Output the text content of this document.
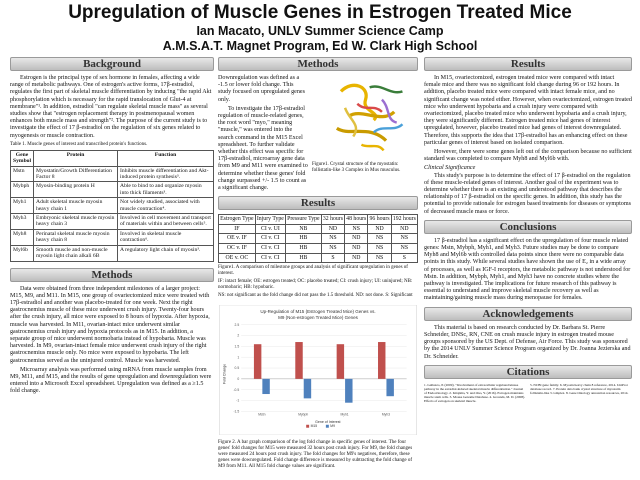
Upregulation of Muscle Genes in Estrogen Treated Mice
Ian Macato, UNLV Summer Science Camp
A.M.S.A.T. Magnet Program, Ed W. Clark High School
Background

Estrogen is the principal type of sex hormone in females, affecting a wide range of metabolic pathways. One of estrogen's active forms, 17β-estradiol, regulates the first part of skeletal muscle differentiation by inducing "the rapid Akt phosphorylation which is necessary for the rapid translocation of Glut-4 at membrane"¹. In addition, estradiol "can regulate skeletal muscle mass" as several studies show that "estrogen replacement therapy in postmenopausal women enhances both muscle mass and strength"². The purpose of the current study is to investigate the effect of 17 β-estradiol on the regulation of six genes related to myogenesis or muscle contraction.

Table 1. Muscle genes of interest and transcribed protein's functions.
Gene Symbol	Protein	Function
Mstn	Myostatin/Growth Differentiation Factor 8	Inhibits muscle differentiation and Akt-induced protein synthesis³.
Mybph	Myosin-binding protein H	Able to bind to and organize myosin into thick filaments³.
Myh1	Adult skeletal muscle myosin heavy chain 1	Not widely studied, associated with muscle contraction⁴.
Myh3	Embryonic skeletal muscle myosin heavy chain 3	Involved in cell movement and transport of materials within and between cells⁵.
Myh8	Perinatal skeletal muscle myosin heavy chain 8	Involved in skeletal muscle contraction⁶.
Myl6b	Smooth muscle and non-muscle myosin light chain alkali 6B	A regulatory light chain of myosin³.
Methods

Data were obtained from three independent milestones of a larger project: M15, M9, and M11. In M15, one group of ovariectomized mice were treated with 17β-estradiol and another was placebo-treated for one week. Next the right gastrocnemius muscle of these mice underwent crush injury. Twenty-four hours after the crush injury, all mice were exposed to 8 hours of hypoxia. After hypoxia, muscle was harvested. In M11, ovarian-intact mice underwent similar gastrocnemius crush injury and hypoxia protocols as in M15. In addition, a separate group of mice underwent normobaria instead of hypobaria. Muscle was harvested. In M9, ovarian-intact female mice underwent crush injury of the right gastrocnemius muscle only. No mice were exposed to hypobaria. The left gastrocnemius served as the uninjured control. Muscle was harvested.

Microarray analysis was performed using mRNA from muscle samples from M9, M11, and M15, and the results of gene upregulation and downregulation were entered into a Microsoft Excel spreadsheet. Upregulation was defined as a ≥1.5 fold change.

Methods

Downregulation was defined as a -1.5 or lower fold change. This study focused on upregulated genes only.

To investigate the 17β-estradiol regulation of muscle-related genes, the root word "myo," meaning "muscle," was entered into the search command in the M15 Excel spreadsheet. To further validate whether this effect was specific for 17β-estradiol, microarray gene data from M9 and M11 were examined to determine whether these genes' fold change surpassed +/- 1.5 to count as a significant change.

Figure1. Crystal structure of the myostatin: follistatin-like 3 Complex in Mus musculus.
Results
Estrogen Type	Injury Type	Pressure Type	32 hours	48 hours	96 hours	192 hours
IF	CI v. UI	NB	ND	NS	ND	ND
OE v. IF	CI v. CI	HB	NS	ND	NS	NS
OC v. IF	CI v. CI	HB	NS	ND	NS	NS
OE v. OC	CI v. CI	HB	S	ND	NS	S
Figure1. A comparison of milestone groups and analysis of significant upregulation in genes of interest.
IF: intact female; OE: estrogen treated; OC: placebo treated; CI: crush injury; UI: uninjured; NB: normobaric; HB: hypobaric.
NS: not significant as the fold change did not pass the 1.5 threshold. ND: not done. S: Significant
Up-Regulation of M15 (Estrogen Treated Mice) Genes vs.
M9 (Non-estrogen Treated Mice) Genes
Fold Change
Gene of Interest
-1.5
-1
-0.5
0
0.5
1
1.5
2
2.5
Mstn	Mybph	Myh1	Myh3
M15	M9
Figure 2. A bar graph comparison of the log fold change in specific genes of interest. The four genes' fold changes for M15 were measured 32 hours post crush injury. For M9, the fold changes were measured 24 hours post crush injury. The fold changes for M9's negatives, therefore, these genes were downregulated. Fold change difference is measured by subtracting the fold change of M9 from M11. All M15 fold change values are significant.
Results

In M15, ovariectomized, estrogen treated mice were compared with intact female mice and there was no significant fold change during 96 or 192 hours. In addition, placebo treated mice were compared with intact female mice, and no significant change was noted either. However, when ovariectomized, estrogen treated mice who underwent hypobaria and a crush injury were compared with ovariectomized, placebo treated mice who underwent hypobaria and a crush injury, they were significantly different. Estrogen treated mice had genes of interest upregulated, however, placebo treated mice had genes of interest downregulated. Therefore, this supports the idea that 17β-estradiol has an enhancing effect on these particular genes of interest based on isolated comparison.

However, there were some genes left out of the comparison because no sufficient standard was completed to compare Myh8 and Myl6b with.

Clinical Significance

This study's purpose is to determine the effect of 17 β-estradiol on the regulation of these muscle-related genes of interest. Another goal of the experiment was to determine whether there is an existing and understood pathway that describes the relationship of 17 β-estradiol on the specific genes. In addition, this study has the potential to provide rationale for estrogen based treatments for diseases or symptoms of decreased muscle mass or force.

Conclusions

17 β-estradiol has a significant effect on the upregulation of four muscle related genes: Mstn, Mybph, Myh1, and Myh3. Future studies may be done to compare Myh8 and Myl6b with controlled data points since there were no comparable data points in this study. While several studies have shown the use of E₂ in a wide array of processes, as well as IGF-I receptors, the metabolic pathway is not understood for Mstn. In addition, Mybph, Myh1, and Myh3 have no concrete studies where the pathway is investigated. The implications for future research of this pathway is essential to understand and improve skeletal muscle recovery as well as maintaining/gaining muscle mass during menopause for females.

Acknowledgements

This material is based on research conducted by Dr. Barbara St. Pierre Schneider, DNSc, RN, CNE on crush muscle injury in estrogen treated mouse groups sponsored by the US Dept. of Defense, Air Force. This study was sponsored by the 2014 UNLV Summer Science Program organized by Dr. Joanna Jezierska and Dr. Schneider.

Citations
1. Galluzzo, P. (2009). "Involvement of extracellular regulated kinase pathway in the estradiol-induced skeletal muscle differentiation." Journal of Endocrinology. 2. Kitajima, Y. and Ono, Y. (2016). Estrogen maintains muscle stem cells. 3. Mouse Genome Database. 4. Grounds, M. D. (2008). Effects of estrogen on skeletal muscle.
5. NCBI gene family. 6. Myosin heavy chain 8 reference, 2014. UniProt database record. 7. Protein data bank crystal structure of myostatin follistatin-like 3 complex. 8. Gene Ontology annotation resources, 2014.
